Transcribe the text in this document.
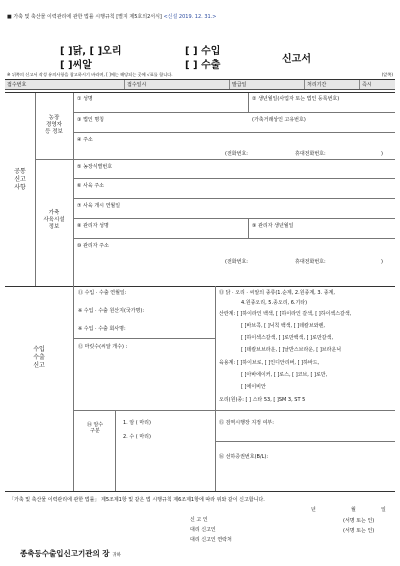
■ 가축 및 축산물 이력관리에 관한 법률 시행규칙 [별지 제5호의2서식] <신설 2019. 12. 31.>
[ ]닭, [ ]오리
[ ]씨알
[ ] 수입
[ ] 수출
신고서
※ 뒤쪽의 신고서 작성 유의사항을 참고하시기 바라며, [ ]에는 해당되는 곳에 √표를 합니다.	(앞쪽)
접수번호	접수일시	발급일	처리기간	즉시
공통
신고
사항
농장
경영자
등 정보
가축
사육시설
정보
① 성명	② 생년월일(사업자 또는 법인 등록번호)
③ 법인 명칭	(가축거래상인 고유번호)
④ 주소
(전화번호:	휴대전화번호:	)
⑤ 농장식별번호
⑥ 사육 주소
⑦ 사육 개시 연월일
⑧ 관리자 성명	⑨ 관리자 생년월일
⑩ 관리자 주소
(전화번호:	휴대전화번호:	)
수입
수출
신고
⑪ 수입 · 수출 연월일:
※ 수입 · 수출 원산지(국가명):
※ 수입 · 수출 회사명:
⑫ 마릿수(씨알 개수) :
⑬ 닭 · 오리 · 씨알의 종류(1.순계, 2.원종계, 3. 종계,
4.원종오리, 5.종오리, 6.기타)
산란계: [ ]하이라인 백색, [ ]하이라인 갈색, [ ]하이섹스갈색,
[ ]바브콕, [ ]닉칙 백색, [ ]데칼브와렌,
[ ]하이섹스갈색, [ ]로만백색, [ ]로만갈색,
[ ]데칼브브라운, [ ]날반스브라운, [ ]브라운닉
육용계: [ ]하이브로, [ ]인디안리버, [ ]하바드,
[ ]아바에이커, [ ]로스, [ ]코브, [ ]로만,
[ ]에이비안
오리(원)종: [ ] 스타 53, [ ]SM 3, ST 5
⑭ 암수
구분
1. 암 ( 마리)
2. 수 ( 마리)
⑮ 검역시행장 지정 여부:
⑯ 선하증권번호(B/L):
「가축 및 축산물 이력관리에 관한 법률」 제5조제1항 및 같은 법 시행규칙 제6조제1항에 따라 위와 같이 신고합니다.
년	월	일
신 고 인	(서명 또는 인)
대리 신고인	(서명 또는 인)
대리 신고인 연락처
종축등수출입신고기관의 장 귀하
